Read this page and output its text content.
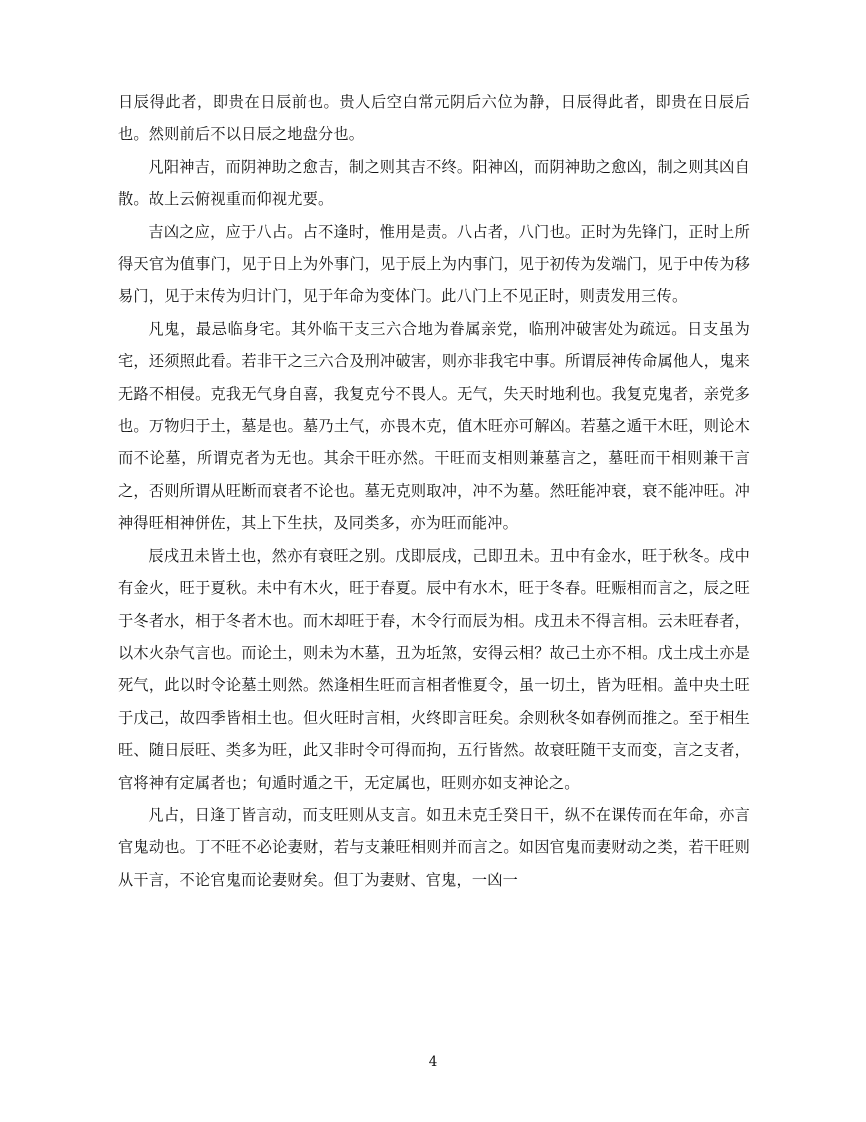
日辰得此者，即贵在日辰前也。贵人后空白常元阴后六位为静，日辰得此者，即贵在日辰后也。然则前后不以日辰之地盘分也。

凡阳神吉，而阴神助之愈吉，制之则其吉不终。阳神凶，而阴神助之愈凶，制之则其凶自散。故上云俯视重而仰视尤要。

吉凶之应，应于八占。占不逢时，惟用是责。八占者，八门也。正时为先锋门，正时上所得天官为值事门，见于日上为外事门，见于辰上为内事门，见于初传为发端门，见于中传为移易门，见于末传为归计门，见于年命为变体门。此八门上不见正时，则责发用三传。

凡鬼，最忌临身宅。其外临干支三六合地为眷属亲党，临刑冲破害处为疏远。日支虽为宅，还须照此看。若非干之三六合及刑冲破害，则亦非我宅中事。所谓辰神传命属他人，鬼来无路不相侵。克我无气身自喜，我复克兮不畏人。无气，失天时地利也。我复克鬼者，亲党多也。万物归于土，墓是也。墓乃土气，亦畏木克，值木旺亦可解凶。若墓之遁干木旺，则论木而不论墓，所谓克者为无也。其余干旺亦然。干旺而支相则兼墓言之，墓旺而干相则兼干言之，否则所谓从旺断而衰者不论也。墓无克则取冲，冲不为墓。然旺能冲衰，衰不能冲旺。冲神得旺相神併佐，其上下生扶，及同类多，亦为旺而能冲。

辰戌丑未皆土也，然亦有衰旺之别。戊即辰戌，己即丑未。丑中有金水，旺于秋冬。戌中有金火，旺于夏秋。未中有木火，旺于春夏。辰中有水木，旺于冬春。旺赈相而言之，辰之旺于冬者水，相于冬者木也。而木却旺于春，木令行而辰为相。戌丑未不得言相。云未旺春者，以木火杂气言也。而论土，则未为木墓，丑为坵煞，安得云相？故己土亦不相。戊土戌土亦是死气，此以时令论墓土则然。然逢相生旺而言相者惟夏令，虽一切土，皆为旺相。盖中央土旺于戊己，故四季皆相土也。但火旺时言相，火终即言旺矣。余则秋冬如春例而推之。至于相生旺、随日辰旺、类多为旺，此又非时令可得而拘，五行皆然。故衰旺随干支而变，言之支者，官将神有定属者也；旬遁时遁之干，无定属也，旺则亦如支神论之。

凡占，日逢丁皆言动，而支旺则从支言。如丑未克壬癸日干，纵不在课传而在年命，亦言官鬼动也。丁不旺不必论妻财，若与支兼旺相则并而言之。如因官鬼而妻财动之类，若干旺则从干言，不论官鬼而论妻财矣。但丁为妻财、官鬼，一凶一

4
